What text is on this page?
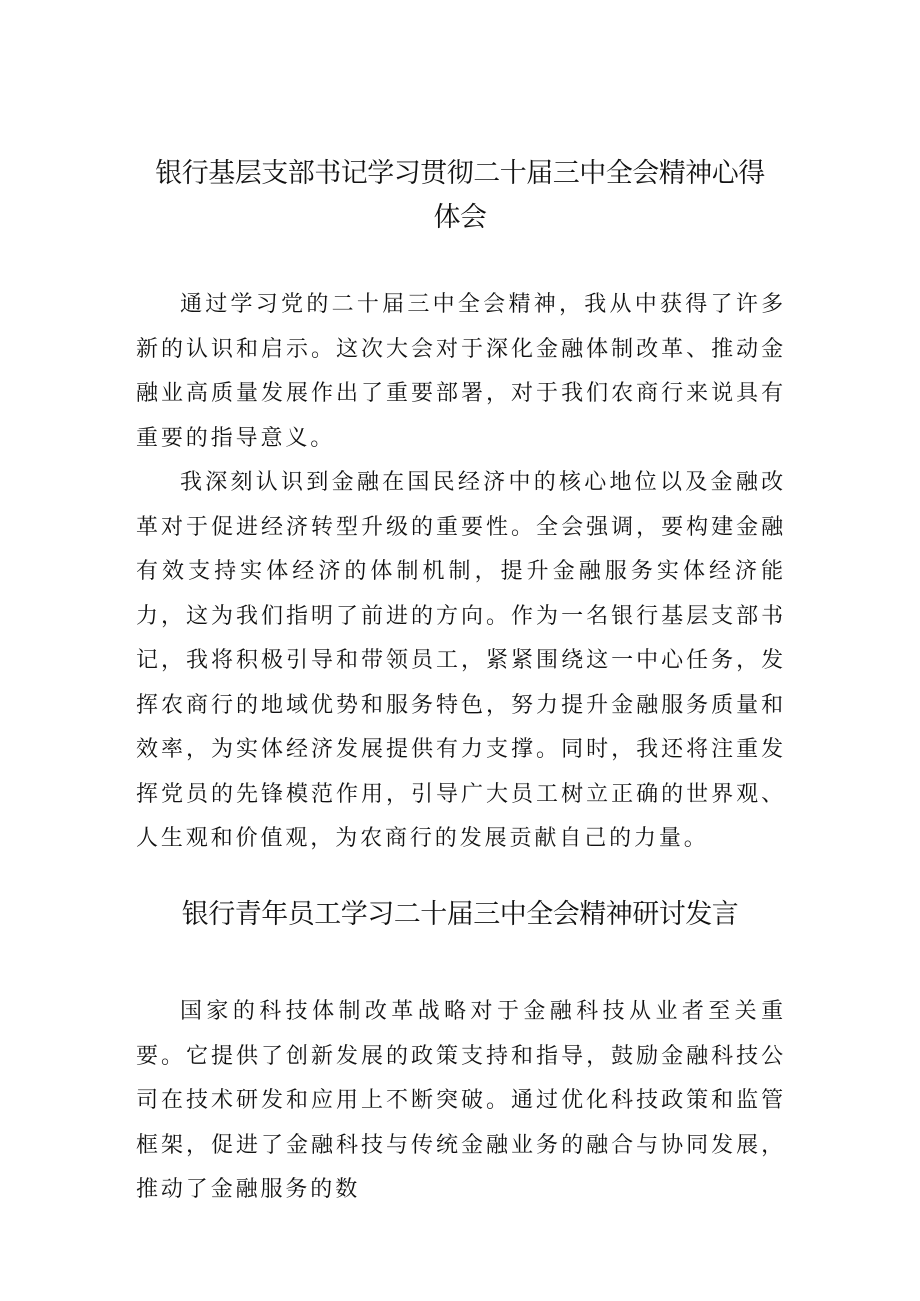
银行基层支部书记学习贯彻二十届三中全会精神心得
体会

通过学习党的二十届三中全会精神，我从中获得了许多新的认识和启示。这次大会对于深化金融体制改革、推动金融业高质量发展作出了重要部署，对于我们农商行来说具有重要的指导意义。

我深刻认识到金融在国民经济中的核心地位以及金融改革对于促进经济转型升级的重要性。全会强调，要构建金融有效支持实体经济的体制机制，提升金融服务实体经济能力，这为我们指明了前进的方向。作为一名银行基层支部书记，我将积极引导和带领员工，紧紧围绕这一中心任务，发挥农商行的地域优势和服务特色，努力提升金融服务质量和效率，为实体经济发展提供有力支撑。同时，我还将注重发挥党员的先锋模范作用，引导广大员工树立正确的世界观、人生观和价值观，为农商行的发展贡献自己的力量。

银行青年员工学习二十届三中全会精神研讨发言

国家的科技体制改革战略对于金融科技从业者至关重要。它提供了创新发展的政策支持和指导，鼓励金融科技公司在技术研发和应用上不断突破。通过优化科技政策和监管框架，促进了金融科技与传统金融业务的融合与协同发展，推动了金融服务的数
